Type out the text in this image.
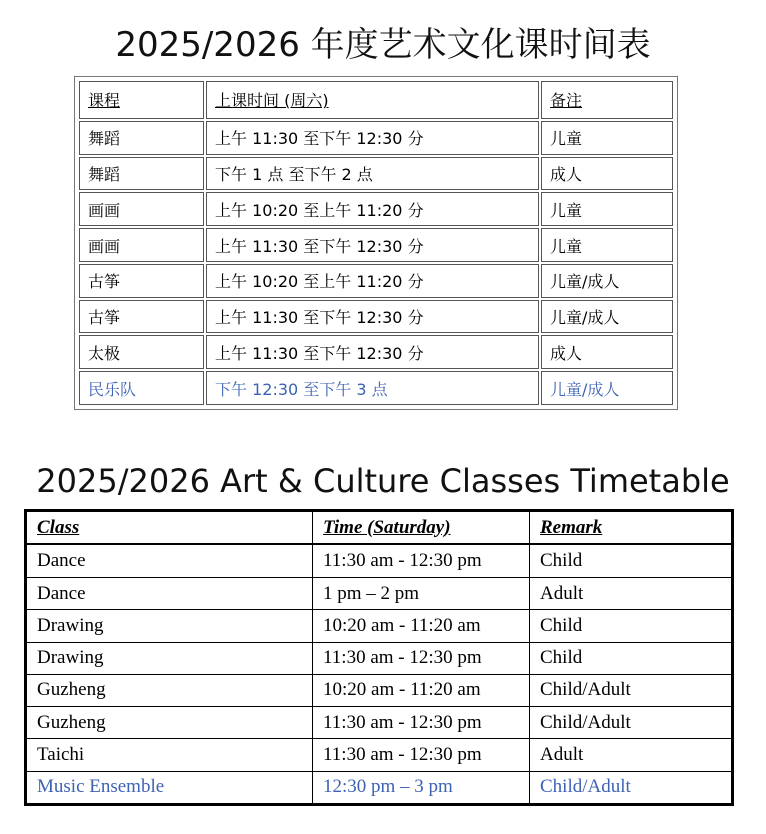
2025/2026 年度艺术文化课时间表
课程	上课时间 (周六)	备注
舞蹈	上午 11:30 至下午 12:30 分	儿童
舞蹈	下午 1 点 至下午 2 点	成人
画画	上午 10:20 至上午 11:20 分	儿童
画画	上午 11:30 至下午 12:30 分	儿童
古筝	上午 10:20 至上午 11:20 分	儿童/成人
古筝	上午 11:30 至下午 12:30 分	儿童/成人
太极	上午 11:30 至下午 12:30 分	成人
民乐队	下午 12:30 至下午 3 点	儿童/成人
2025/2026 Art & Culture Classes Timetable
Class	Time (Saturday)	Remark
Dance	11:30 am - 12:30 pm	Child
Dance	1 pm – 2 pm	Adult
Drawing	10:20 am - 11:20 am	Child
Drawing	11:30 am - 12:30 pm	Child
Guzheng	10:20 am - 11:20 am	Child/Adult
Guzheng	11:30 am - 12:30 pm	Child/Adult
Taichi	11:30 am - 12:30 pm	Adult
Music Ensemble	12:30 pm – 3 pm	Child/Adult
